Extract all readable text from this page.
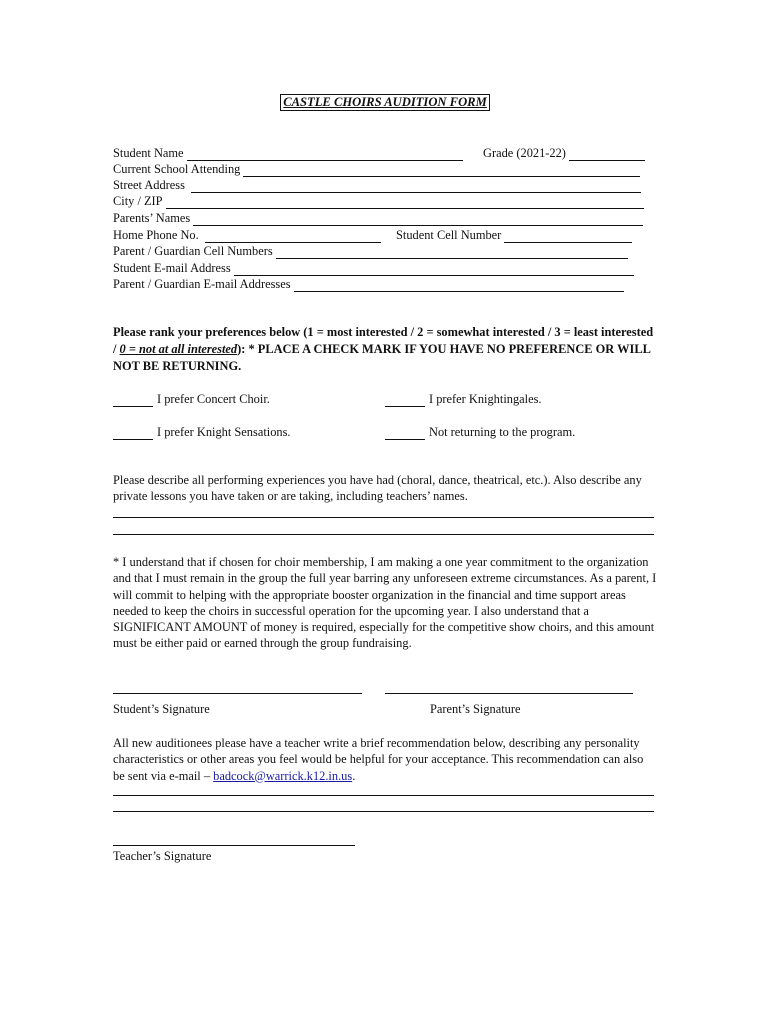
CASTLE CHOIRS AUDITION FORM
Student Name	Grade (2021-22)
Current School Attending
Street Address
City / ZIP
Parents’ Names
Home Phone No.	Student Cell Number
Parent / Guardian Cell Numbers
Student E-mail Address
Parent / Guardian E-mail Addresses
Please rank your preferences below (1 = most interested / 2 = somewhat interested / 3 = least interested / 0 = not at all interested): * PLACE A CHECK MARK IF YOU HAVE NO PREFERENCE OR WILL NOT BE RETURNING.
I prefer Concert Choir.	I prefer Knightingales.
I prefer Knight Sensations.	Not returning to the program.
Please describe all performing experiences you have had (choral, dance, theatrical, etc.). Also describe any private lessons you have taken or are taking, including teachers’ names.
* I understand that if chosen for choir membership, I am making a one year commitment to the organization and that I must remain in the group the full year barring any unforeseen extreme circumstances. As a parent, I will commit to helping with the appropriate booster organization in the financial and time support areas needed to keep the choirs in successful operation for the upcoming year. I also understand that a SIGNIFICANT AMOUNT of money is required, especially for the competitive show choirs, and this amount must be either paid or earned through the group fundraising.
Student’s Signature	Parent’s Signature
All new auditionees please have a teacher write a brief recommendation below, describing any personality characteristics or other areas you feel would be helpful for your acceptance. This recommendation can also be sent via e-mail – badcock@warrick.k12.in.us.
Teacher’s Signature
